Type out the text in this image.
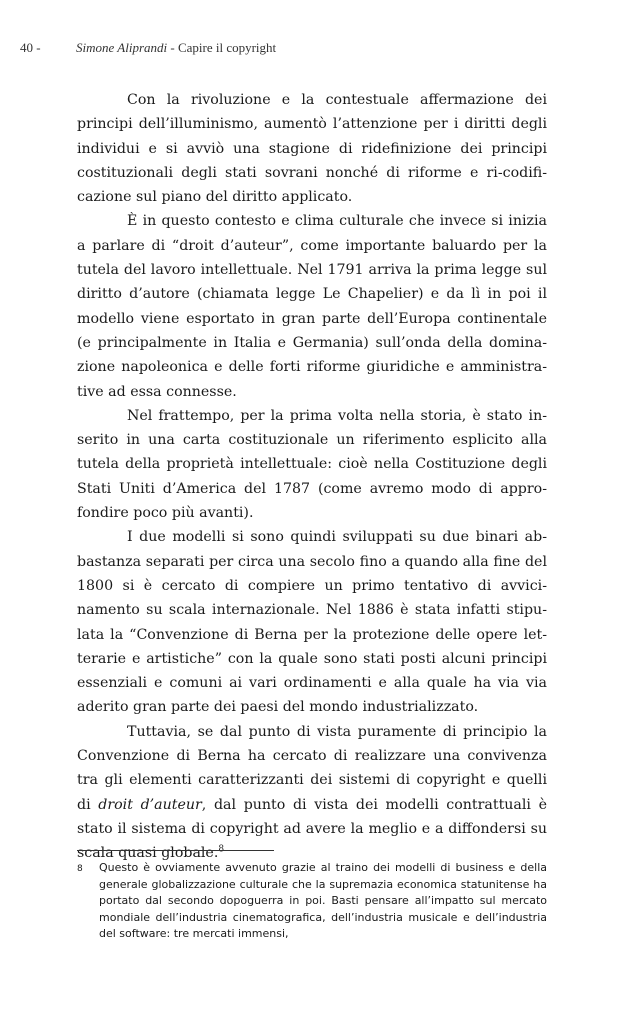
40 -	Simone Aliprandi - Capire il copyright

Con la rivoluzione e la contestuale affermazione dei principi dell’illuminismo, aumentò l’attenzione per i diritti degli individui e si avviò una stagione di ridefinizione dei principi costituzionali degli stati sovrani nonché di riforme e ri-codificazione sul piano del diritto applicato.

È in questo contesto e clima culturale che invece si inizia a parlare di “droit d’auteur”, come importante baluardo per la tutela del lavoro intellettuale. Nel 1791 arriva la prima legge sul diritto d’autore (chiamata legge Le Chapelier) e da lì in poi il modello viene esportato in gran parte dell’Europa continentale (e principalmente in Italia e Germania) sull’onda della dominazione napoleonica e delle forti riforme giuridiche e amministrative ad essa connesse.

Nel frattempo, per la prima volta nella storia, è stato inserito in una carta costituzionale un riferimento esplicito alla tutela della proprietà intellettuale: cioè nella Costituzione degli Stati Uniti d’America del 1787 (come avremo modo di approfondire poco più avanti).

I due modelli si sono quindi sviluppati su due binari abbastanza separati per circa una secolo fino a quando alla fine del 1800 si è cercato di compiere un primo tentativo di avvicinamento su scala internazionale. Nel 1886 è stata infatti stipulata la “Convenzione di Berna per la protezione delle opere letterarie e artistiche” con la quale sono stati posti alcuni principi essenziali e comuni ai vari ordinamenti e alla quale ha via via aderito gran parte dei paesi del mondo industrializzato.

Tuttavia, se dal punto di vista puramente di principio la Convenzione di Berna ha cercato di realizzare una convivenza tra gli elementi caratterizzanti dei sistemi di copyright e quelli di droit d’auteur, dal punto di vista dei modelli contrattuali è stato il sistema di copyright ad avere la meglio e a diffondersi su scala quasi globale.$^8$

8	Questo è ovviamente avvenuto grazie al traino dei modelli di business e della generale globalizzazione culturale che la supremazia economica statunitense ha portato dal secondo dopoguerra in poi. Basti pensare all’impatto sul mercato mondiale dell’industria cinematografica, dell’industria musicale e dell’industria del software: tre mercati immensi,
